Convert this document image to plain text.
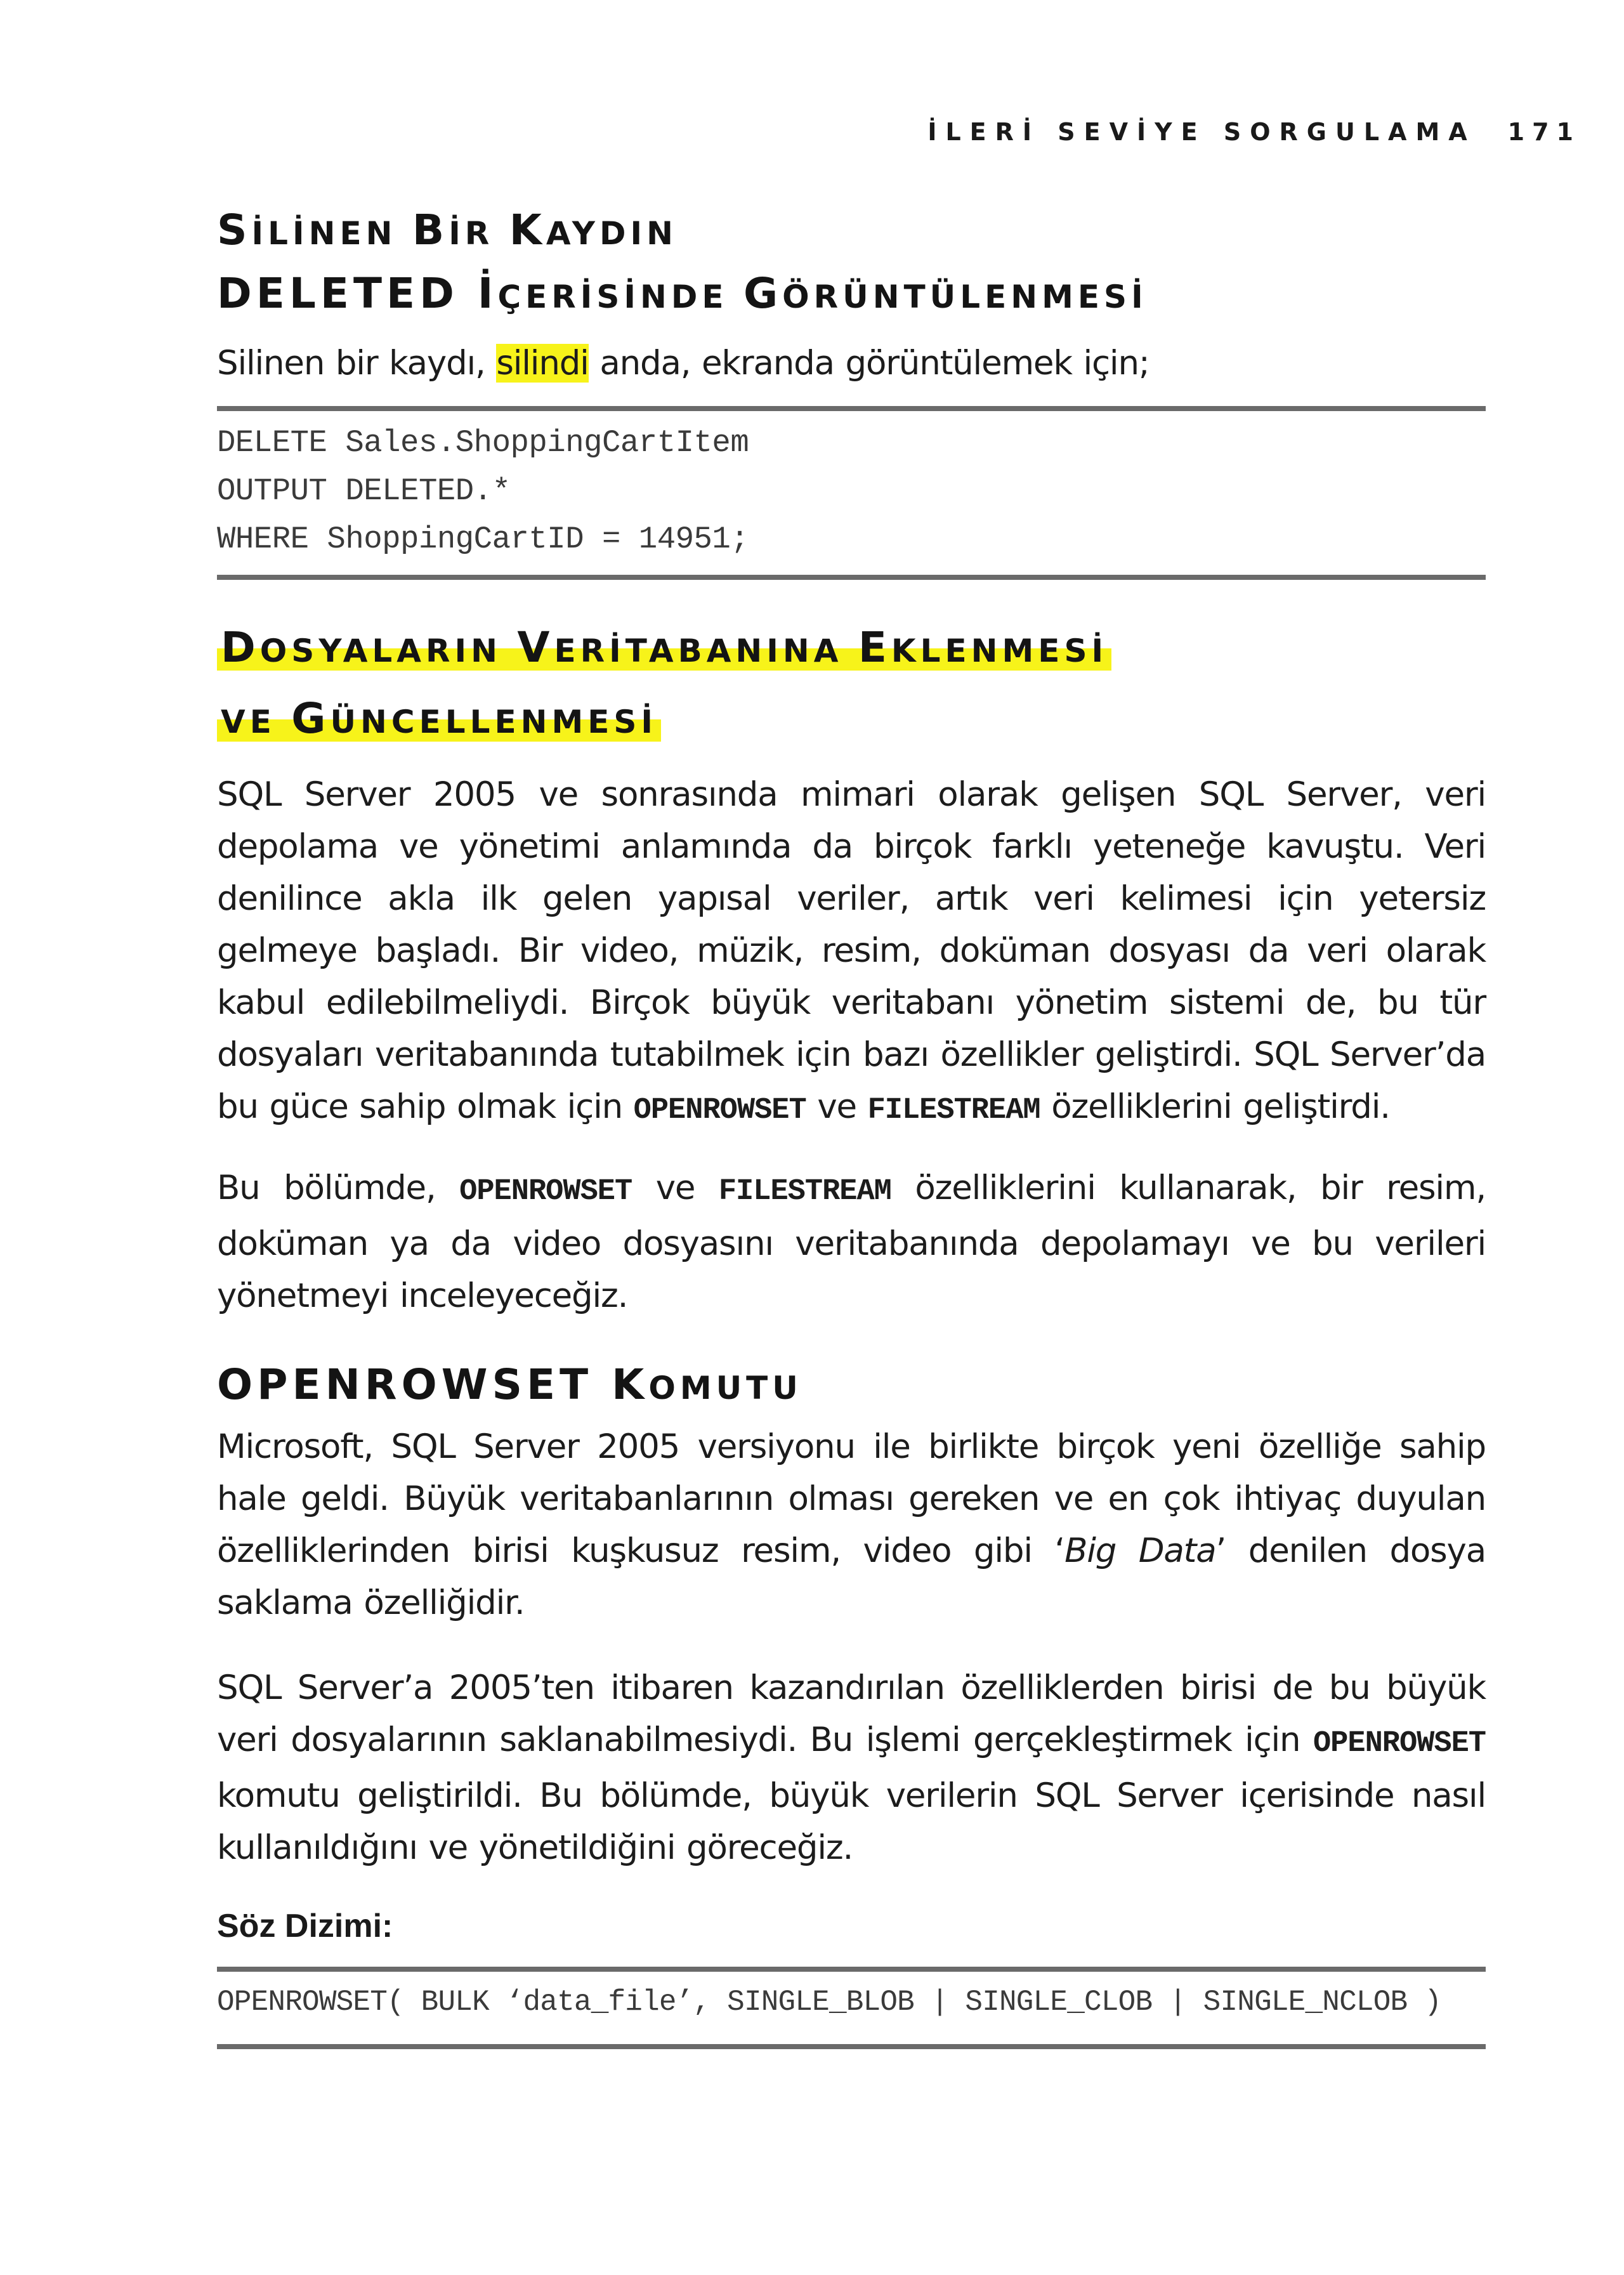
İLERİ SEVİYE SORGULAMA 171
SİLİNEN BİR KAYDIN
DELETED İÇERİSİNDE GÖRÜNTÜLENMESİ
Silinen bir kaydı, silindi anda, ekranda görüntülemek için;
DELETE Sales.ShoppingCartItem
OUTPUT DELETED.*
WHERE ShoppingCartID = 14951;
DOSYALARIN VERİTABANINA EKLENMESİ
VE GÜNCELLENMESİ
SQL Server 2005 ve sonrasında mimari olarak gelişen SQL Server, veri depolama ve yönetimi anlamında da birçok farklı yeteneğe kavuştu. Veri denilince akla ilk gelen yapısal veriler, artık veri kelimesi için yetersiz gelmeye başladı. Bir video, müzik, resim, doküman dosyası da veri olarak kabul edilebilmeliydi. Birçok büyük veritabanı yönetim sistemi de, bu tür dosyaları veritabanında tutabilmek için bazı özellikler geliştirdi. SQL Server’da bu güce sahip olmak için OPENROWSET ve FILESTREAM özelliklerini geliştirdi.
Bu bölümde, OPENROWSET ve FILESTREAM özelliklerini kullanarak, bir resim, doküman ya da video dosyasını veritabanında depolamayı ve bu verileri yönetmeyi inceleyeceğiz.
OPENROWSET KOMUTU
Microsoft, SQL Server 2005 versiyonu ile birlikte birçok yeni özelliğe sahip hale geldi. Büyük veritabanlarının olması gereken ve en çok ihtiyaç duyulan özelliklerinden birisi kuşkusuz resim, video gibi ‘Big Data’ denilen dosya saklama özelliğidir.
SQL Server’a 2005’ten itibaren kazandırılan özelliklerden birisi de bu büyük veri dosyalarının saklanabilmesiydi. Bu işlemi gerçekleştirmek için OPENROWSET komutu geliştirildi. Bu bölümde, büyük verilerin SQL Server içerisinde nasıl kullanıldığını ve yönetildiğini göreceğiz.
Söz Dizimi:
OPENROWSET( BULK ‘data_file’, SINGLE_BLOB | SINGLE_CLOB | SINGLE_NCLOB )
